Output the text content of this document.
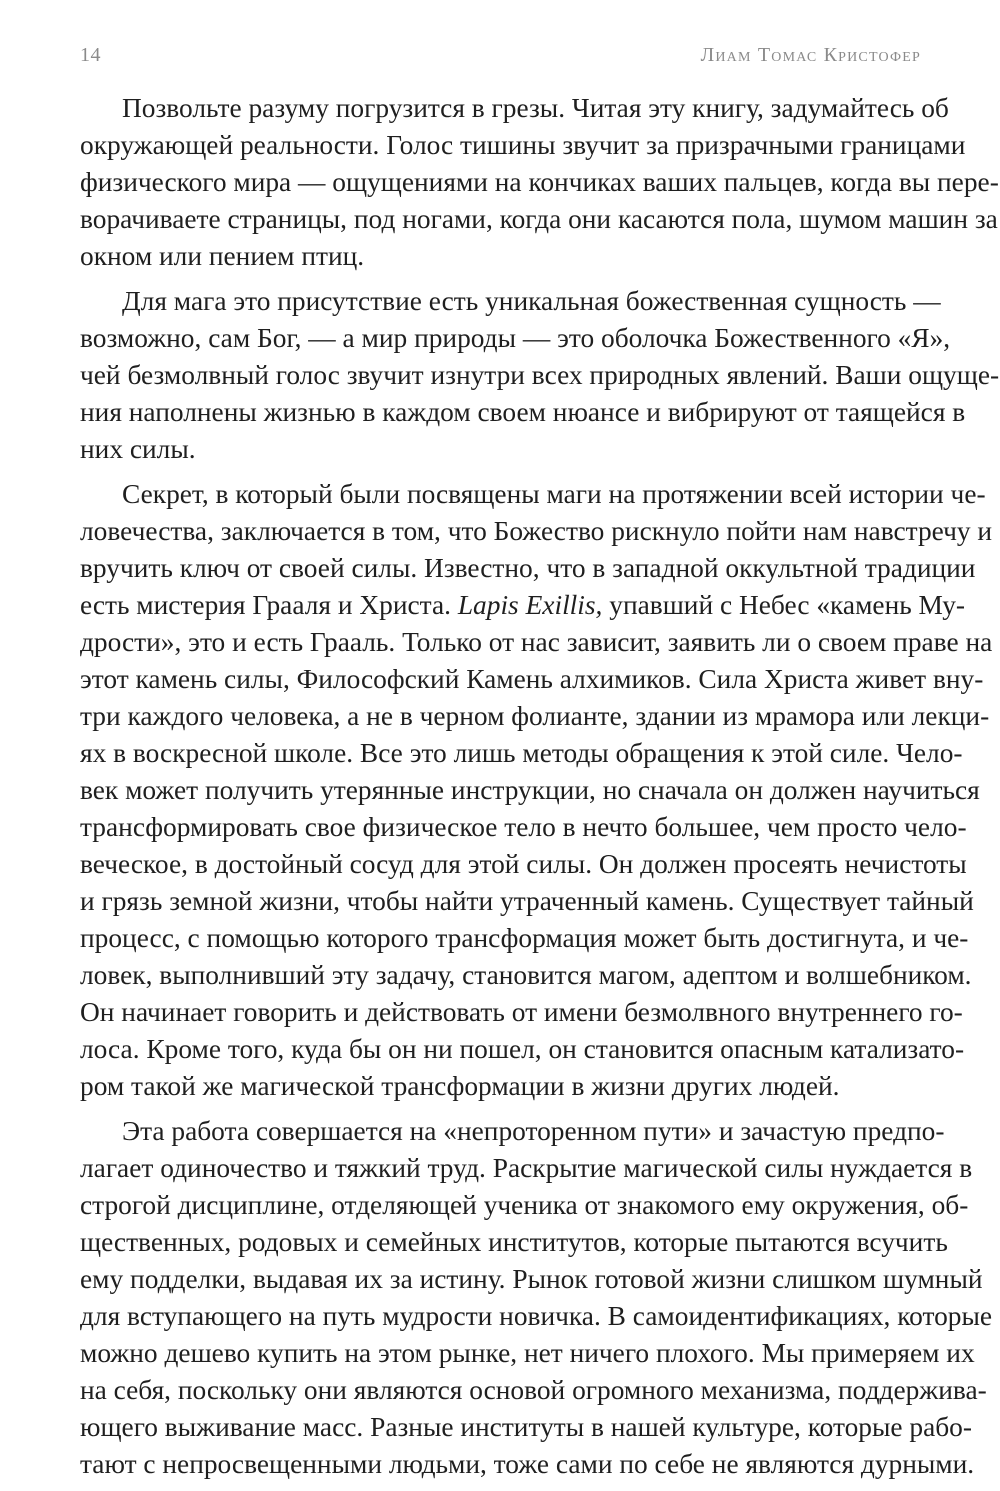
14	Лиам Томас Кристофер

Позвольте разуму погрузится в грезы. Читая эту книгу, задумайтесь об
окружающей реальности. Голос тишины звучит за призрачными границами
физического мира — ощущениями на кончиках ваших пальцев, когда вы пере-
ворачиваете страницы, под ногами, когда они касаются пола, шумом машин за
окном или пением птиц.

Для мага это присутствие есть уникальная божественная сущность —
возможно, сам Бог, — а мир природы — это оболочка Божественного «Я»,
чей безмолвный голос звучит изнутри всех природных явлений. Ваши ощуще-
ния наполнены жизнью в каждом своем нюансе и вибрируют от таящейся в
них силы.

Секрет, в который были посвящены маги на протяжении всей истории че-
ловечества, заключается в том, что Божество рискнуло пойти нам навстречу и
вручить ключ от своей силы. Известно, что в западной оккультной традиции
есть мистерия Грааля и Христа. Lapis Exillis, упавший с Небес «камень Му-
дрости», это и есть Грааль. Только от нас зависит, заявить ли о своем праве на
этот камень силы, Философский Камень алхимиков. Сила Христа живет вну-
три каждого человека, а не в черном фолианте, здании из мрамора или лекци-
ях в воскресной школе. Все это лишь методы обращения к этой силе. Чело-
век может получить утерянные инструкции, но сначала он должен научиться
трансформировать свое физическое тело в нечто большее, чем просто чело-
веческое, в достойный сосуд для этой силы. Он должен просеять нечистоты
и грязь земной жизни, чтобы найти утраченный камень. Существует тайный
процесс, с помощью которого трансформация может быть достигнута, и че-
ловек, выполнивший эту задачу, становится магом, адептом и волшебником.
Он начинает говорить и действовать от имени безмолвного внутреннего го-
лоса. Кроме того, куда бы он ни пошел, он становится опасным катализато-
ром такой же магической трансформации в жизни других людей.

Эта работа совершается на «непроторенном пути» и зачастую предпо-
лагает одиночество и тяжкий труд. Раскрытие магической силы нуждается в
строгой дисциплине, отделяющей ученика от знакомого ему окружения, об-
щественных, родовых и семейных институтов, которые пытаются всучить
ему подделки, выдавая их за истину. Рынок готовой жизни слишком шумный
для вступающего на путь мудрости новичка. В самоидентификациях, которые
можно дешево купить на этом рынке, нет ничего плохого. Мы примеряем их
на себя, поскольку они являются основой огромного механизма, поддержива-
ющего выживание масс. Разные институты в нашей культуре, которые рабо-
тают с непросвещенными людьми, тоже сами по себе не являются дурными.
